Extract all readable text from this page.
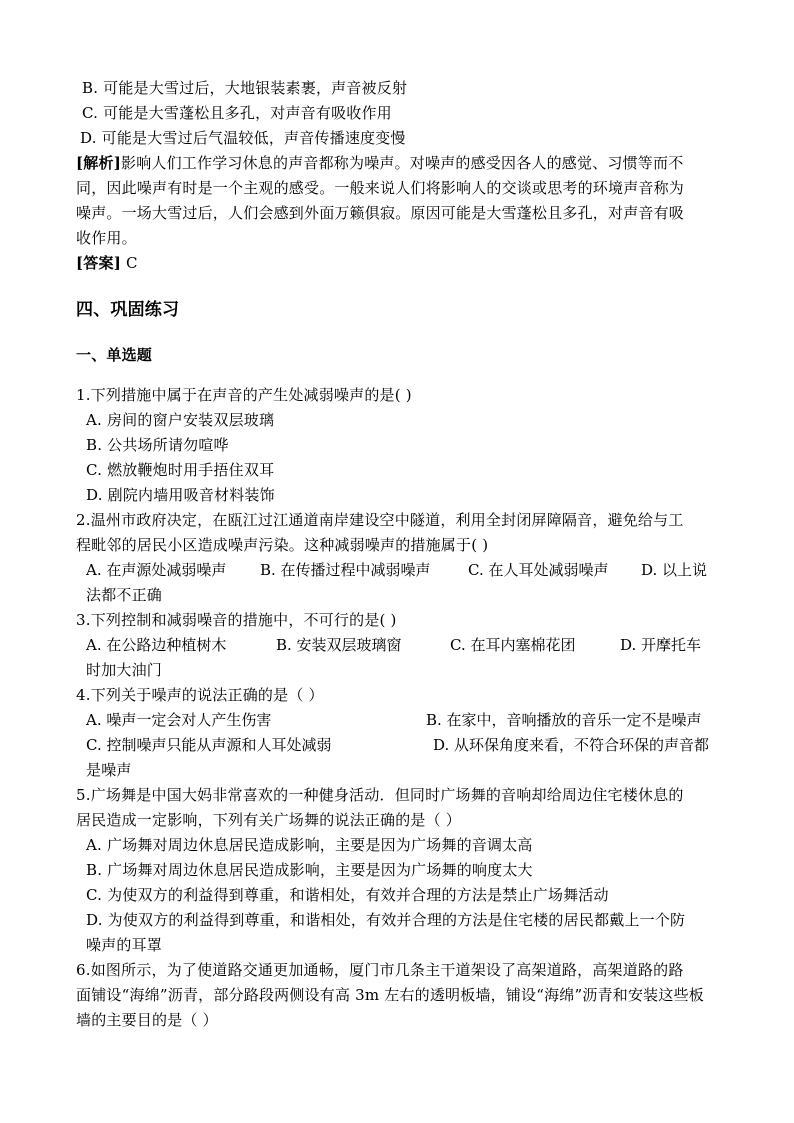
B. 可能是大雪过后，大地银装素裹，声音被反射
C. 可能是大雪蓬松且多孔，对声音有吸收作用
D. 可能是大雪过后气温较低，声音传播速度变慢
[解析]影响人们工作学习休息的声音都称为噪声。对噪声的感受因各人的感觉、习惯等而不
同，因此噪声有时是一个主观的感受。一般来说人们将影响人的交谈或思考的环境声音称为
噪声。一场大雪过后，人们会感到外面万籁俱寂。原因可能是大雪蓬松且多孔，对声音有吸
收作用。
[答案] C
四、巩固练习
一、单选题
1.下列措施中属于在声音的产生处减弱噪声的是( )
A. 房间的窗户安装双层玻璃
B. 公共场所请勿喧哗
C. 燃放鞭炮时用手捂住双耳
D. 剧院内墙用吸音材料装饰
2.温州市政府决定，在瓯江过江通道南岸建设空中隧道，利用全封闭屏障隔音，避免给与工
程毗邻的居民小区造成噪声污染。这种减弱噪声的措施属于( )
A. 在声源处减弱噪声 B. 在传播过程中减弱噪声 C. 在人耳处减弱噪声 D. 以上说
法都不正确
3.下列控制和减弱噪音的措施中，不可行的是( )
A. 在公路边种植树木	B. 安装双层玻璃窗	C. 在耳内塞棉花团	D. 开摩托车
时加大油门
4.下列关于噪声的说法正确的是（ ）
A. 噪声一定会对人产生伤害	B. 在家中，音响播放的音乐一定不是噪声
C. 控制噪声只能从声源和人耳处减弱	D. 从环保角度来看，不符合环保的声音都
是噪声
5.广场舞是中国大妈非常喜欢的一种健身活动．但同时广场舞的音响却给周边住宅楼休息的
居民造成一定影响，下列有关广场舞的说法正确的是（ ）
A. 广场舞对周边休息居民造成影响，主要是因为广场舞的音调太高
B. 广场舞对周边休息居民造成影响，主要是因为广场舞的响度太大
C. 为使双方的利益得到尊重，和谐相处，有效并合理的方法是禁止广场舞活动
D. 为使双方的利益得到尊重，和谐相处，有效并合理的方法是住宅楼的居民都戴上一个防
噪声的耳罩
6.如图所示，为了使道路交通更加通畅，厦门市几条主干道架设了高架道路，高架道路的路
面铺设“海绵”沥青，部分路段两侧设有高 3m 左右的透明板墙，铺设“海绵”沥青和安装这些板
墙的主要目的是（ ）
